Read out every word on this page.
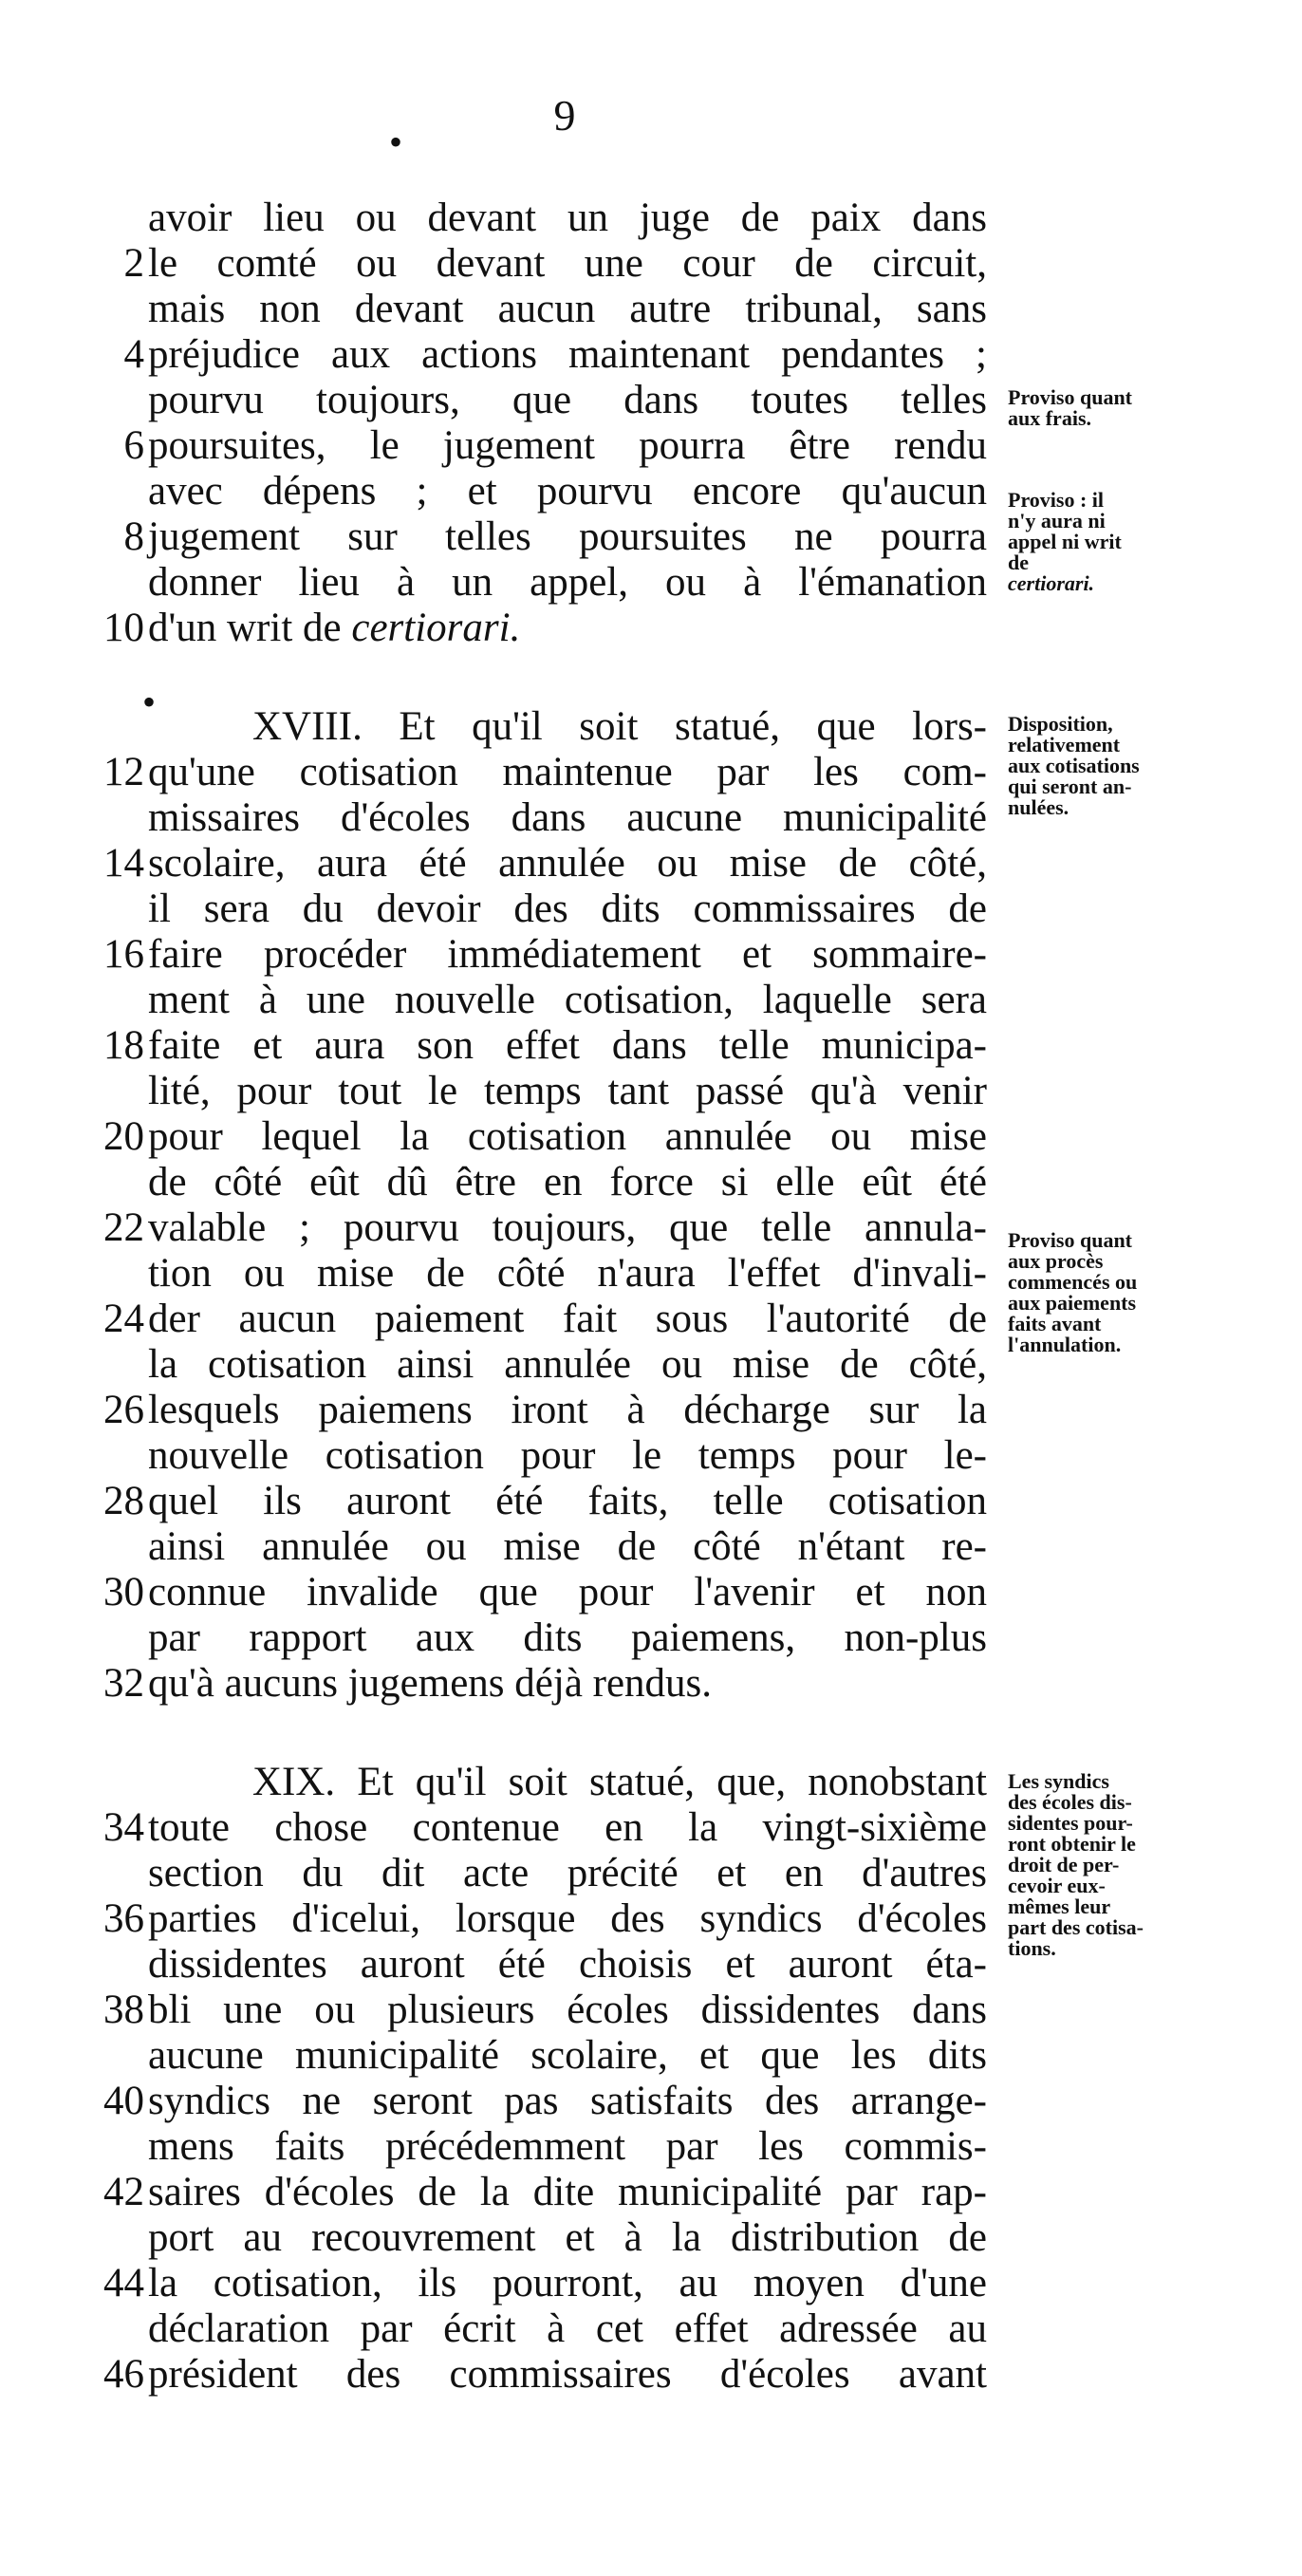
9
•
avoir lieu ou devant un juge de paix dans
2le comté ou devant une cour de circuit,
mais non devant aucun autre tribunal, sans
4préjudice aux actions maintenant pendantes ;
pourvu toujours, que dans toutes telles
6poursuites, le jugement pourra être rendu
avec dépens ; et pourvu encore qu'aucun
8jugement sur telles poursuites ne pourra
donner lieu à un appel, ou à l'émanation
10d'un writ de certiorari.
•
XVIII. Et qu'il soit statué, que lors-
12qu'une cotisation maintenue par les com-
missaires d'écoles dans aucune municipalité
14scolaire, aura été annulée ou mise de côté,
il sera du devoir des dits commissaires de
16faire procéder immédiatement et sommaire-
ment à une nouvelle cotisation, laquelle sera
18faite et aura son effet dans telle municipa-
lité, pour tout le temps tant passé qu'à venir
20pour lequel la cotisation annulée ou mise
de côté eût dû être en force si elle eût été
22valable ; pourvu toujours, que telle annula-
tion ou mise de côté n'aura l'effet d'invali-
24der aucun paiement fait sous l'autorité de
la cotisation ainsi annulée ou mise de côté,
26lesquels paiemens iront à décharge sur la
nouvelle cotisation pour le temps pour le-
28quel ils auront été faits, telle cotisation
ainsi annulée ou mise de côté n'étant re-
30connue invalide que pour l'avenir et non
par rapport aux dits paiemens, non-plus
32qu'à aucuns jugemens déjà rendus.
XIX. Et qu'il soit statué, que, nonobstant
34toute chose contenue en la vingt-sixième
section du dit acte précité et en d'autres
36parties d'icelui, lorsque des syndics d'écoles
dissidentes auront été choisis et auront éta-
38bli une ou plusieurs écoles dissidentes dans
aucune municipalité scolaire, et que les dits
40syndics ne seront pas satisfaits des arrange-
mens faits précédemment par les commis-
42saires d'écoles de la dite municipalité par rap-
port au recouvrement et à la distribution de
44la cotisation, ils pourront, au moyen d'une
déclaration par écrit à cet effet adressée au
46président des commissaires d'écoles avant
Proviso quant
aux frais.
Proviso : il
n'y aura ni
appel ni writ
de
certiorari.
Disposition,
relativement
aux cotisations
qui seront an-
nulées.
Proviso quant
aux procès
commencés ou
aux paiements
faits avant
l'annulation.
Les syndics
des écoles dis-
sidentes pour-
ront obtenir le
droit de per-
cevoir eux-
mêmes leur
part des cotisa-
tions.
